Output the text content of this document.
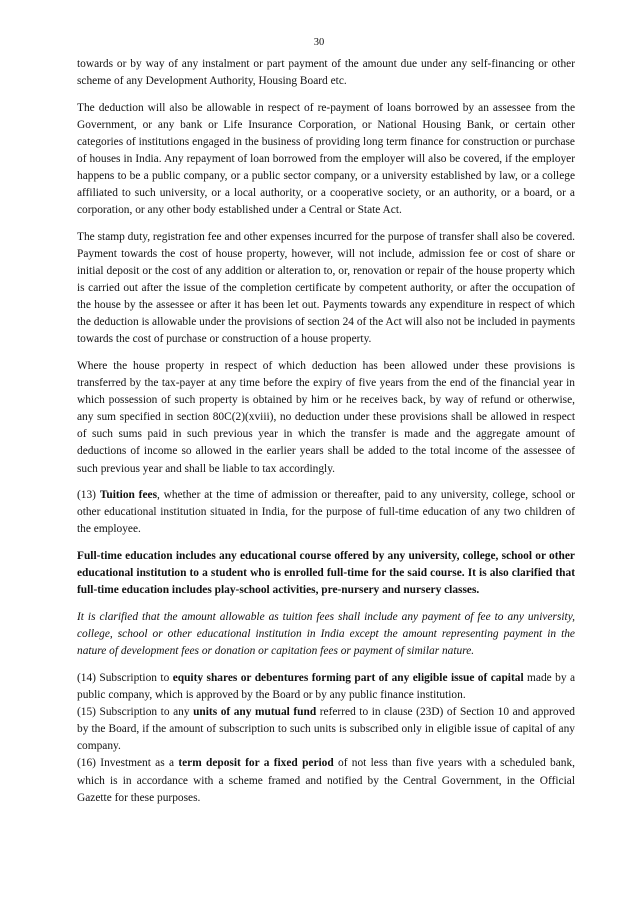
30

towards or by way of any instalment or part payment of the amount due under any self-financing or other scheme of any Development Authority, Housing Board etc.

The deduction will also be allowable in respect of re-payment of loans borrowed by an assessee from the Government, or any bank or Life Insurance Corporation, or National Housing Bank, or certain other categories of institutions engaged in the business of providing long term finance for construction or purchase of houses in India. Any repayment of loan borrowed from the employer will also be covered, if the employer happens to be a public company, or a public sector company, or a university established by law, or a college affiliated to such university, or a local authority, or a cooperative society, or an authority, or a board, or a corporation, or any other body established under a Central or State Act.

The stamp duty, registration fee and other expenses incurred for the purpose of transfer shall also be covered. Payment towards the cost of house property, however, will not include, admission fee or cost of share or initial deposit or the cost of any addition or alteration to, or, renovation or repair of the house property which is carried out after the issue of the completion certificate by competent authority, or after the occupation of the house by the assessee or after it has been let out. Payments towards any expenditure in respect of which the deduction is allowable under the provisions of section 24 of the Act will also not be included in payments towards the cost of purchase or construction of a house property.

Where the house property in respect of which deduction has been allowed under these provisions is transferred by the tax-payer at any time before the expiry of five years from the end of the financial year in which possession of such property is obtained by him or he receives back, by way of refund or otherwise, any sum specified in section 80C(2)(xviii), no deduction under these provisions shall be allowed in respect of such sums paid in such previous year in which the transfer is made and the aggregate amount of deductions of income so allowed in the earlier years shall be added to the total income of the assessee of such previous year and shall be liable to tax accordingly.

(13) Tuition fees, whether at the time of admission or thereafter, paid to any university, college, school or other educational institution situated in India, for the purpose of full-time education of any two children of the employee.

Full-time education includes any educational course offered by any university, college, school or other educational institution to a student who is enrolled full-time for the said course. It is also clarified that full-time education includes play-school activities, pre-nursery and nursery classes.

It is clarified that the amount allowable as tuition fees shall include any payment of fee to any university, college, school or other educational institution in India except the amount representing payment in the nature of development fees or donation or capitation fees or payment of similar nature.

(14) Subscription to equity shares or debentures forming part of any eligible issue of capital made by a public company, which is approved by the Board or by any public finance institution.

(15) Subscription to any units of any mutual fund referred to in clause (23D) of Section 10 and approved by the Board, if the amount of subscription to such units is subscribed only in eligible issue of capital of any company.

(16) Investment as a term deposit for a fixed period of not less than five years with a scheduled bank, which is in accordance with a scheme framed and notified by the Central Government, in the Official Gazette for these purposes.
